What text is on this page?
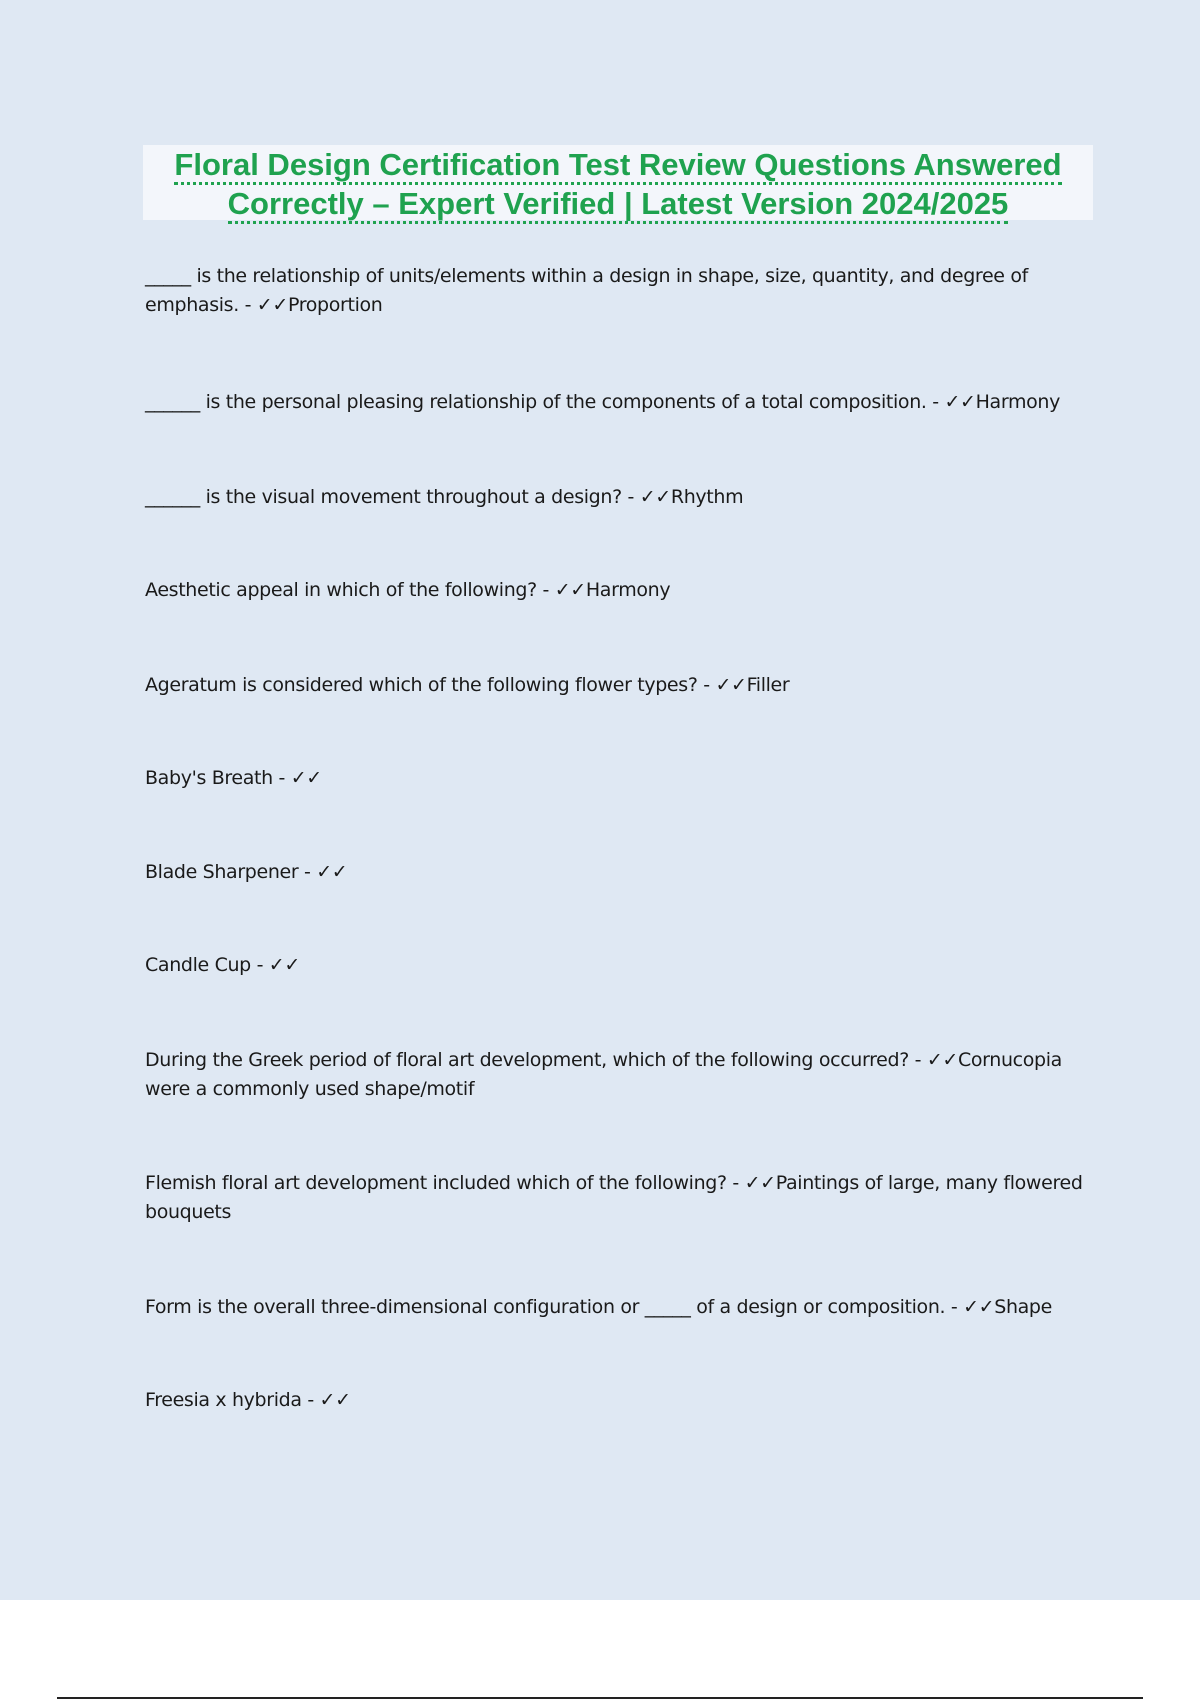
Floral Design Certification Test Review Questions Answered
Correctly – Expert Verified | Latest Version 2024/2025

_____ is the relationship of units/elements within a design in shape, size, quantity, and degree of emphasis. - ✓✓Proportion

______ is the personal pleasing relationship of the components of a total composition. - ✓✓Harmony

______ is the visual movement throughout a design? - ✓✓Rhythm

Aesthetic appeal in which of the following? - ✓✓Harmony

Ageratum is considered which of the following flower types? - ✓✓Filler

Baby's Breath - ✓✓

Blade Sharpener - ✓✓

Candle Cup - ✓✓

During the Greek period of floral art development, which of the following occurred? - ✓✓Cornucopia were a commonly used shape/motif

Flemish floral art development included which of the following? - ✓✓Paintings of large, many flowered bouquets

Form is the overall three-dimensional configuration or _____ of a design or composition. - ✓✓Shape

Freesia x hybrida - ✓✓
